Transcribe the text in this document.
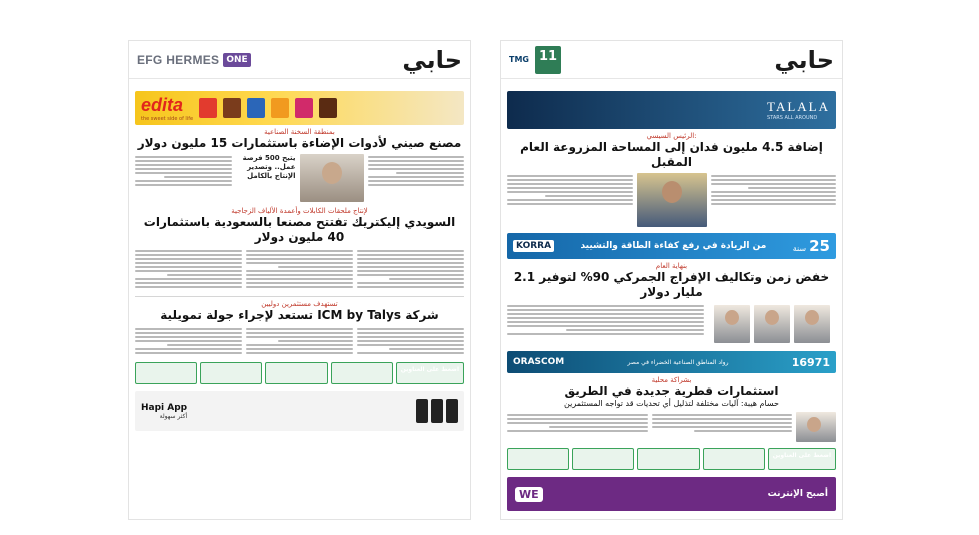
EFG HERMES ONE	حابي
edita
the sweet side of life
بمنطقة السخنة الصناعية
مصنع صيني لأدوات الإضاءة باستثمارات 15 مليون دولار
يتيح 500 فرصة عمل.. وتصدير الإنتاج بالكامل
لإنتاج ملحقات الكابلات وأعمدة الألياف الزجاجية
السويدي إليكتريك تفتتح مصنعا بالسعودية باستثمارات 40 مليون دولار
تستهدف مستثمرين دوليين
شركة ICM by Talys تستعد لإجراء جولة تمويلية
اضغط على العناوين
Hapi App
أكثر سهولة
TMG 11	حابي
TALALA
STARS ALL AROUND
الرئيس السيسي:
إضافة 4.5 مليون فدان إلى المساحة المزروعة العام المقبل
KORRA	من الريادة في رفع كفاءة الطاقة والتشييد	سنة 25
بنهاية العام
خفض زمن وتكاليف الإفراج الجمركي 90% لتوفير 2.1 مليار دولار
ORASCOM	رواد المناطق الصناعية الخضراء في مصر	16971
بشراكة محلية
استثمارات قطرية جديدة في الطريق
حسام هيبة: آليات مختلفة لتذليل أي تحديات قد تواجه المستثمرين
اضغط على العناوين
WE	أصبح الإنترنت
